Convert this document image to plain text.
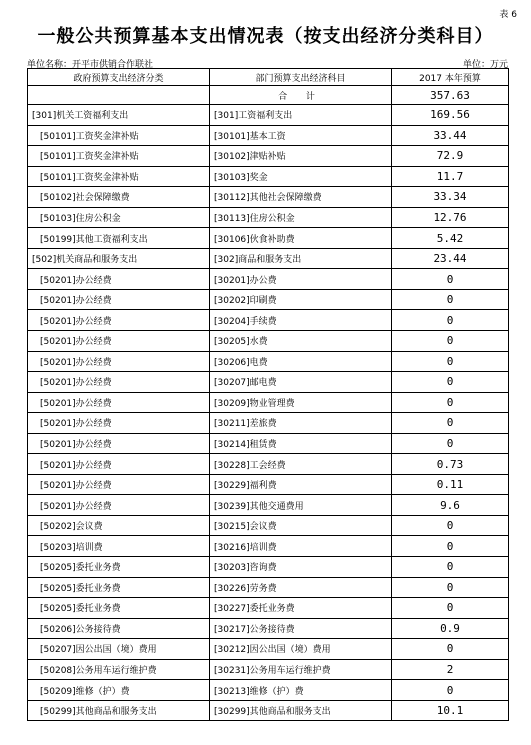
表 6
一般公共预算基本支出情况表（按支出经济分类科目）
单位名称：开平市供销合作联社	单位：万元
政府预算支出经济分类	部门预算支出经济科目	2017 本年预算
	合 计	357.63
[301]机关工资福利支出	[301]工资福利支出	169.56
[50101]工资奖金津补贴	[30101]基本工资	33.44
[50101]工资奖金津补贴	[30102]津贴补贴	72.9
[50101]工资奖金津补贴	[30103]奖金	11.7
[50102]社会保障缴费	[30112]其他社会保障缴费	33.34
[50103]住房公积金	[30113]住房公积金	12.76
[50199]其他工资福利支出	[30106]伙食补助费	5.42
[502]机关商品和服务支出	[302]商品和服务支出	23.44
[50201]办公经费	[30201]办公费	0
[50201]办公经费	[30202]印刷费	0
[50201]办公经费	[30204]手续费	0
[50201]办公经费	[30205]水费	0
[50201]办公经费	[30206]电费	0
[50201]办公经费	[30207]邮电费	0
[50201]办公经费	[30209]物业管理费	0
[50201]办公经费	[30211]差旅费	0
[50201]办公经费	[30214]租赁费	0
[50201]办公经费	[30228]工会经费	0.73
[50201]办公经费	[30229]福利费	0.11
[50201]办公经费	[30239]其他交通费用	9.6
[50202]会议费	[30215]会议费	0
[50203]培训费	[30216]培训费	0
[50205]委托业务费	[30203]咨询费	0
[50205]委托业务费	[30226]劳务费	0
[50205]委托业务费	[30227]委托业务费	0
[50206]公务接待费	[30217]公务接待费	0.9
[50207]因公出国（境）费用	[30212]因公出国（境）费用	0
[50208]公务用车运行维护费	[30231]公务用车运行维护费	2
[50209]维修（护）费	[30213]维修（护）费	0
[50299]其他商品和服务支出	[30299]其他商品和服务支出	10.1
